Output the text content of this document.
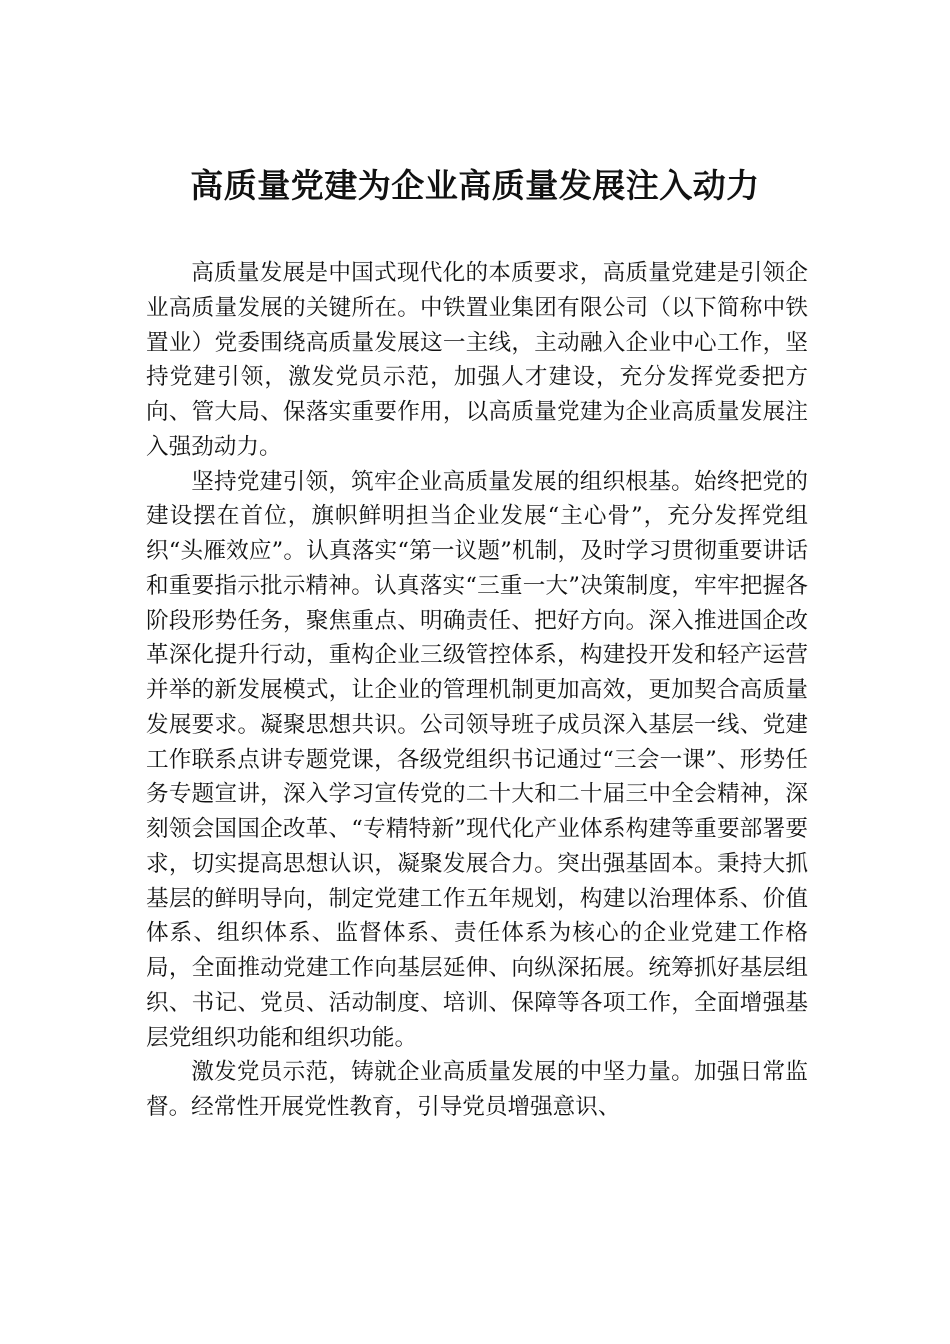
高质量党建为企业高质量发展注入动力

高质量发展是中国式现代化的本质要求，高质量党建是引领企业高质量发展的关键所在。中铁置业集团有限公司（以下简称中铁置业）党委围绕高质量发展这一主线，主动融入企业中心工作，坚持党建引领，激发党员示范，加强人才建设，充分发挥党委把方向、管大局、保落实重要作用，以高质量党建为企业高质量发展注入强劲动力。

坚持党建引领，筑牢企业高质量发展的组织根基。始终把党的建设摆在首位，旗帜鲜明担当企业发展“主心骨”，充分发挥党组织“头雁效应”。认真落实“第一议题”机制，及时学习贯彻重要讲话和重要指示批示精神。认真落实“三重一大”决策制度，牢牢把握各阶段形势任务，聚焦重点、明确责任、把好方向。深入推进国企改革深化提升行动，重构企业三级管控体系，构建投开发和轻产运营并举的新发展模式，让企业的管理机制更加高效，更加契合高质量发展要求。凝聚思想共识。公司领导班子成员深入基层一线、党建工作联系点讲专题党课，各级党组织书记通过“三会一课”、形势任务专题宣讲，深入学习宣传党的二十大和二十届三中全会精神，深刻领会国国企改革、“专精特新”现代化产业体系构建等重要部署要求，切实提高思想认识，凝聚发展合力。突出强基固本。秉持大抓基层的鲜明导向，制定党建工作五年规划，构建以治理体系、价值体系、组织体系、监督体系、责任体系为核心的企业党建工作格局，全面推动党建工作向基层延伸、向纵深拓展。统筹抓好基层组织、书记、党员、活动制度、培训、保障等各项工作，全面增强基层党组织功能和组织功能。

激发党员示范，铸就企业高质量发展的中坚力量。加强日常监督。经常性开展党性教育，引导党员增强意识、
